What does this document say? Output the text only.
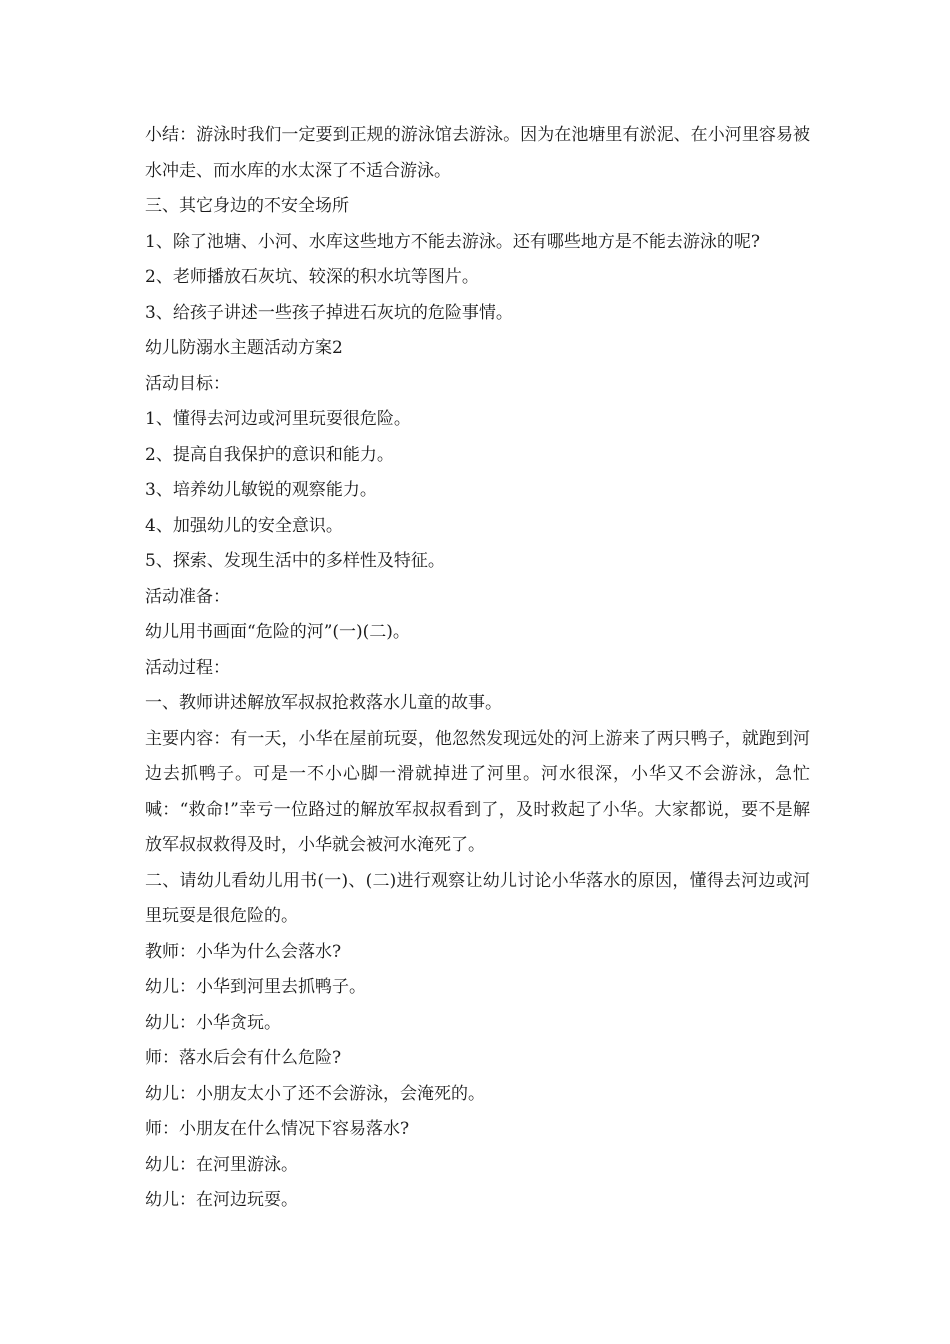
小结：游泳时我们一定要到正规的游泳馆去游泳。因为在池塘里有淤泥、在小河里容易被水冲走、而水库的水太深了不适合游泳。

三、其它身边的不安全场所

1、除了池塘、小河、水库这些地方不能去游泳。还有哪些地方是不能去游泳的呢?

2、老师播放石灰坑、较深的积水坑等图片。

3、给孩子讲述一些孩子掉进石灰坑的危险事情。

幼儿防溺水主题活动方案2

活动目标：

1、懂得去河边或河里玩耍很危险。

2、提高自我保护的意识和能力。

3、培养幼儿敏锐的观察能力。

4、加强幼儿的安全意识。

5、探索、发现生活中的多样性及特征。

活动准备：

幼儿用书画面“危险的河”(一)(二)。

活动过程：

一、教师讲述解放军叔叔抢救落水儿童的故事。

主要内容：有一天，小华在屋前玩耍，他忽然发现远处的河上游来了两只鸭子，就跑到河边去抓鸭子。可是一不小心脚一滑就掉进了河里。河水很深，小华又不会游泳，急忙喊：“救命!”幸亏一位路过的解放军叔叔看到了，及时救起了小华。大家都说，要不是解放军叔叔救得及时，小华就会被河水淹死了。

二、请幼儿看幼儿用书(一)、(二)进行观察让幼儿讨论小华落水的原因，懂得去河边或河里玩耍是很危险的。

教师：小华为什么会落水?

幼儿：小华到河里去抓鸭子。

幼儿：小华贪玩。

师：落水后会有什么危险?

幼儿：小朋友太小了还不会游泳，会淹死的。

师：小朋友在什么情况下容易落水?

幼儿：在河里游泳。

幼儿：在河边玩耍。
